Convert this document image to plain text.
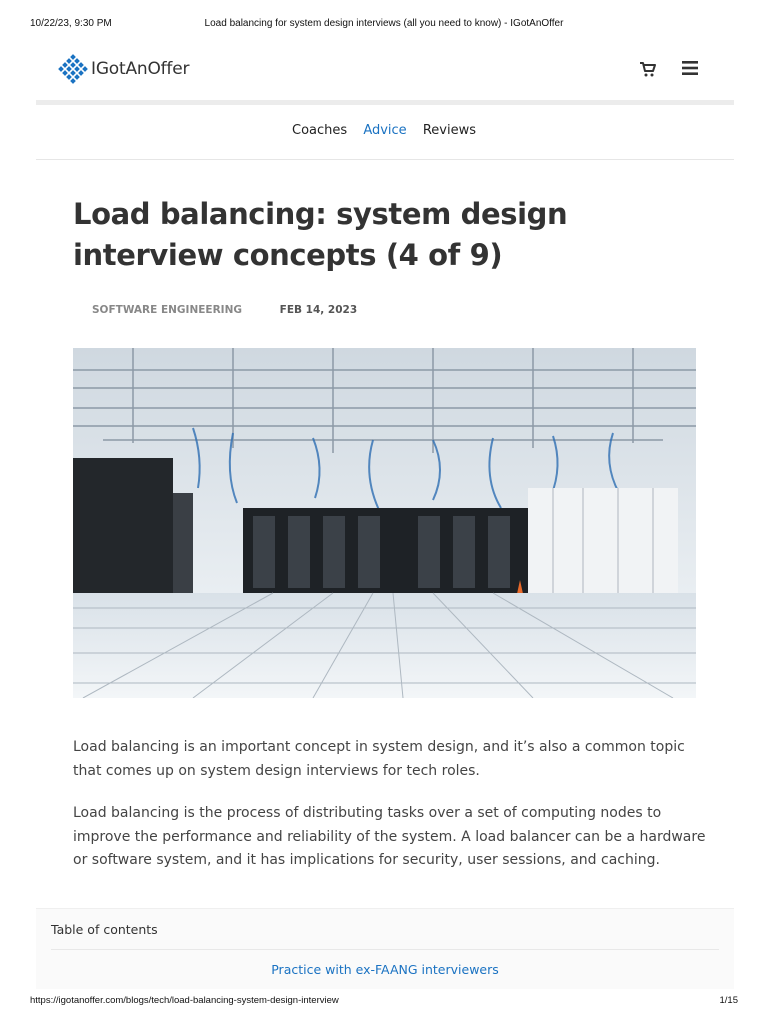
10/22/23, 9:30 PM	Load balancing for system design interviews (all you need to know) - IGotAnOffer
IGotAnOffer
Coaches Advice Reviews
Load balancing: system design interview concepts (4 of 9)
SOFTWARE ENGINEERING	FEB 14, 2023

Load balancing is an important concept in system design, and it’s also a common topic that comes up on system design interviews for tech roles.

Load balancing is the process of distributing tasks over a set of computing nodes to improve the performance and reliability of the system. A load balancer can be a hardware or software system, and it has implications for security, user sessions, and caching.

Table of contents
Practice with ex-FAANG interviewers
https://igotanoffer.com/blogs/tech/load-balancing-system-design-interview	1/15
